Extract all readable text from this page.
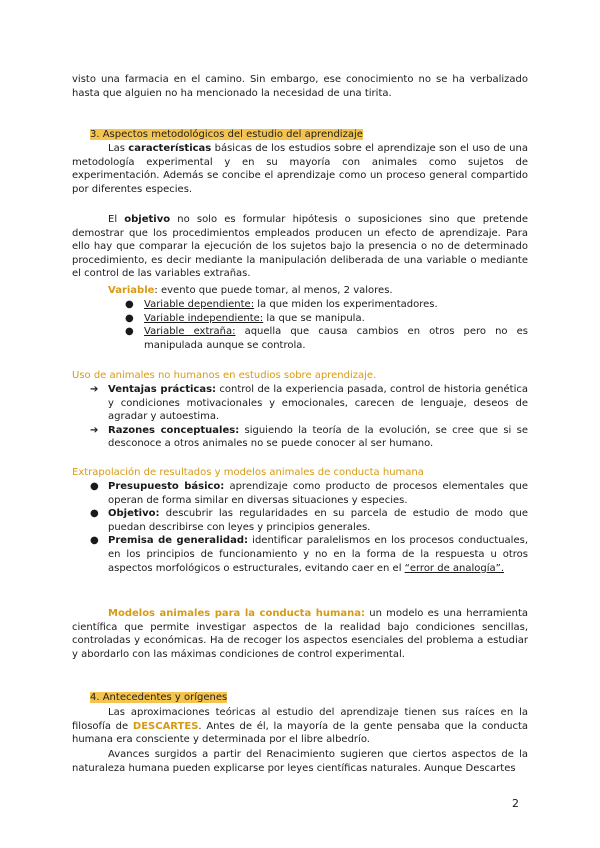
visto una farmacia en el camino. Sin embargo, ese conocimiento no se ha verbalizado hasta que alguien no ha mencionado la necesidad de una tirita.
3. Aspectos metodológicos del estudio del aprendizaje
Las características básicas de los estudios sobre el aprendizaje son el uso de una metodología experimental y en su mayoría con animales como sujetos de experimentación. Además se concibe el aprendizaje como un proceso general compartido por diferentes especies.
El objetivo no solo es formular hipótesis o suposiciones sino que pretende demostrar que los procedimientos empleados producen un efecto de aprendizaje. Para ello hay que comparar la ejecución de los sujetos bajo la presencia o no de determinado procedimiento, es decir mediante la manipulación deliberada de una variable o mediante el control de las variables extrañas.
Variable: evento que puede tomar, al menos, 2 valores.
● Variable dependiente: la que miden los experimentadores.
● Variable independiente: la que se manipula.
● Variable extraña: aquella que causa cambios en otros pero no es manipulada aunque se controla.
Uso de animales no humanos en estudios sobre aprendizaje.
➔ Ventajas prácticas: control de la experiencia pasada, control de historia genética y condiciones motivacionales y emocionales, carecen de lenguaje, deseos de agradar y autoestima.
➔ Razones conceptuales: siguiendo la teoría de la evolución, se cree que si se desconoce a otros animales no se puede conocer al ser humano.
Extrapolación de resultados y modelos animales de conducta humana
● Presupuesto básico: aprendizaje como producto de procesos elementales que operan de forma similar en diversas situaciones y especies.
● Objetivo: descubrir las regularidades en su parcela de estudio de modo que puedan describirse con leyes y principios generales.
● Premisa de generalidad: identificar paralelismos en los procesos conductuales, en los principios de funcionamiento y no en la forma de la respuesta u otros aspectos morfológicos o estructurales, evitando caer en el “error de analogía”.
Modelos animales para la conducta humana: un modelo es una herramienta científica que permite investigar aspectos de la realidad bajo condiciones sencillas, controladas y económicas. Ha de recoger los aspectos esenciales del problema a estudiar y abordarlo con las máximas condiciones de control experimental.
4. Antecedentes y orígenes
Las aproximaciones teóricas al estudio del aprendizaje tienen sus raíces en la filosofía de DESCARTES. Antes de él, la mayoría de la gente pensaba que la conducta humana era consciente y determinada por el libre albedrío.
Avances surgidos a partir del Renacimiento sugieren que ciertos aspectos de la naturaleza humana pueden explicarse por leyes científicas naturales. Aunque Descartes
2
